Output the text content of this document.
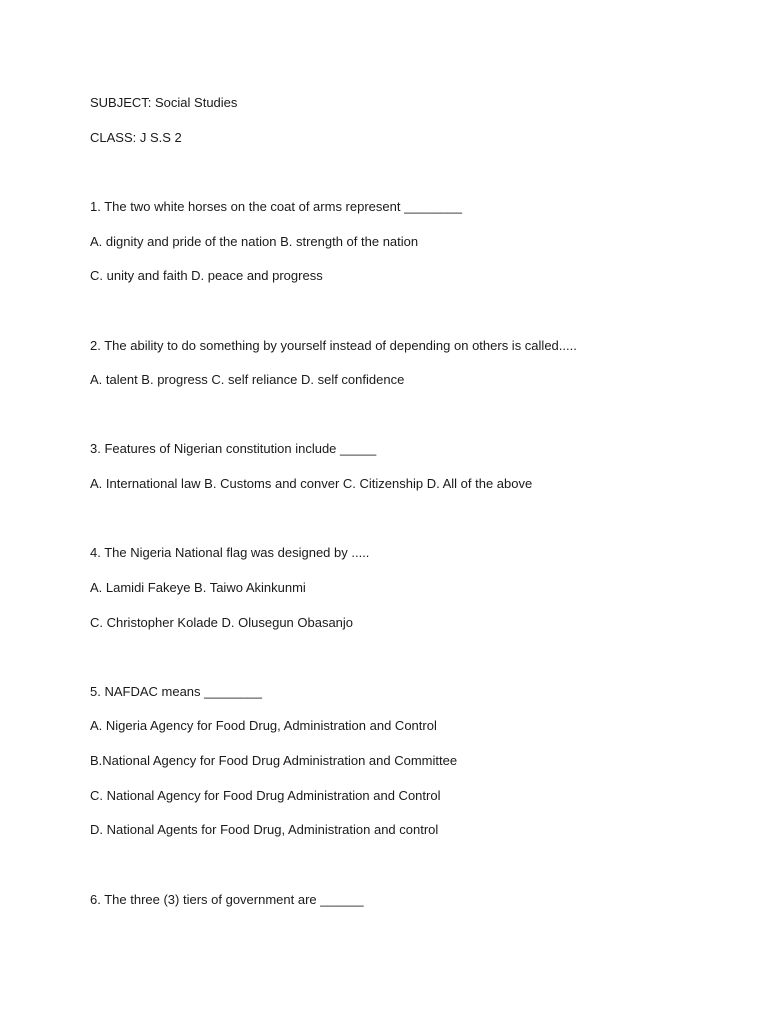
SUBJECT: Social Studies
CLASS: J S.S 2
1. The two white horses on the coat of arms represent ________
A. dignity and pride of the nation B. strength of the nation
C. unity and faith D. peace and progress
2. The ability to do something by yourself instead of depending on others is called.....
A. talent B. progress C. self reliance D. self confidence
3. Features of Nigerian constitution include _____
A. International law B. Customs and conver C. Citizenship D. All of the above
4. The Nigeria National flag was designed by .....
A. Lamidi Fakeye B. Taiwo Akinkunmi
C. Christopher Kolade D. Olusegun Obasanjo
5. NAFDAC means ________
A. Nigeria Agency for Food Drug, Administration and Control
B.National Agency for Food Drug Administration and Committee
C. National Agency for Food Drug Administration and Control
D. National Agents for Food Drug, Administration and control
6. The three (3) tiers of government are ______
